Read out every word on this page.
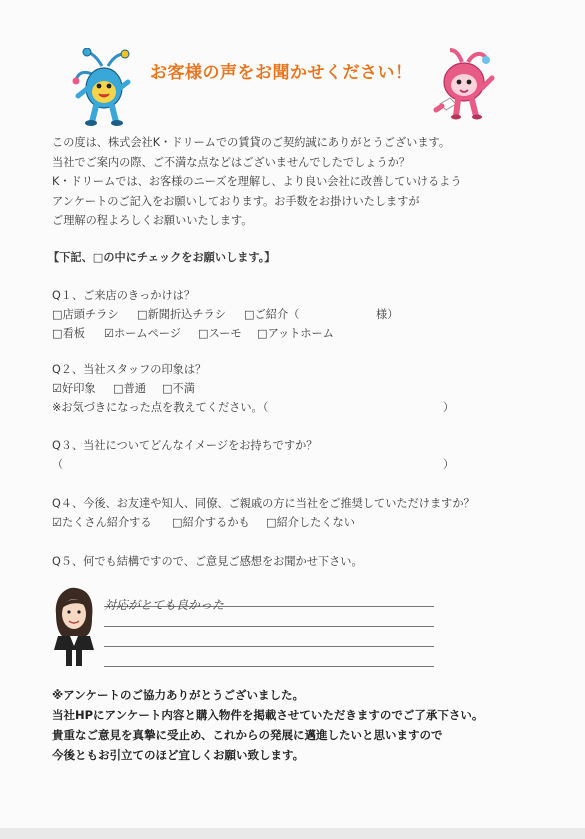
お客様の声をお聞かせください！
この度は、株式会社K・ドリームでの賃貸のご契約誠にありがとうございます。
当社でご案内の際、ご不満な点などはございませんでしたでしょうか？
K・ドリームでは、お客様のニーズを理解し、より良い会社に改善していけるよう
アンケートのご記入をお願いしております。お手数をお掛けいたしますが
ご理解の程よろしくお願いいたします。
【下記、□の中にチェックをお願いします。】
Q１、ご来店のきっかけは？
□店頭チラシ □新聞折込チラシ □ご紹介（	様）
□看板 ☑ホームページ □スーモ □アットホーム
Q２、当社スタッフの印象は？
☑好印象 □普通 □不満
※お気づきになった点を教えてください。（	）
Q３、当社についてどんなイメージをお持ちですか？
（	）
Q４、今後、お友達や知人、同僚、ご親戚の方に当社をご推奨していただけますか？
☑たくさん紹介する □紹介するかも □紹介したくない
Q５、何でも結構ですので、ご意見ご感想をお聞かせ下さい。
対応がとても良かった
※アンケートのご協力ありがとうございました。
当社HPにアンケート内容と購入物件を掲載させていただきますのでご了承下さい。
貴重なご意見を真摯に受止め、これからの発展に邁進したいと思いますので
今後ともお引立てのほど宜しくお願い致します。
